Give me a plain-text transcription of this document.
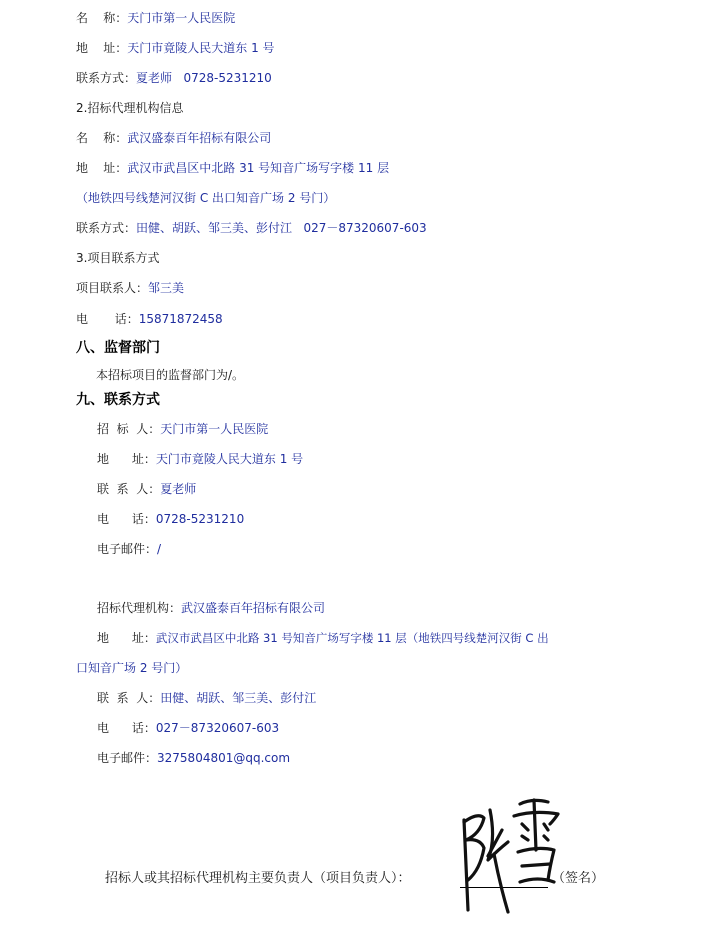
名    称：天门市第一人民医院
地    址：天门市竟陵人民大道东 1 号
联系方式：夏老师   0728-5231210
2.招标代理机构信息
名    称：武汉盛泰百年招标有限公司
地    址：武汉市武昌区中北路 31 号知音广场写字楼 11 层
（地铁四号线楚河汉街 C 出口知音广场 2 号门）
联系方式：田健、胡跃、邹三美、彭付江   027－87320607-603
3.项目联系方式
项目联系人：邹三美
电       话：15871872458
八、监督部门
本招标项目的监督部门为/。
九、联系方式
招  标  人：天门市第一人民医院
地      址：天门市竟陵人民大道东 1 号
联  系  人：夏老师
电      话：0728-5231210
电子邮件：/
招标代理机构：武汉盛泰百年招标有限公司
地      址：武汉市武昌区中北路 31 号知音广场写字楼 11 层（地铁四号线楚河汉街 C 出
口知音广场 2 号门）
联  系  人：田健、胡跃、邹三美、彭付江
电      话：027－87320607-603
电子邮件：3275804801@qq.com
招标人或其招标代理机构主要负责人（项目负责人）：	（签名）
